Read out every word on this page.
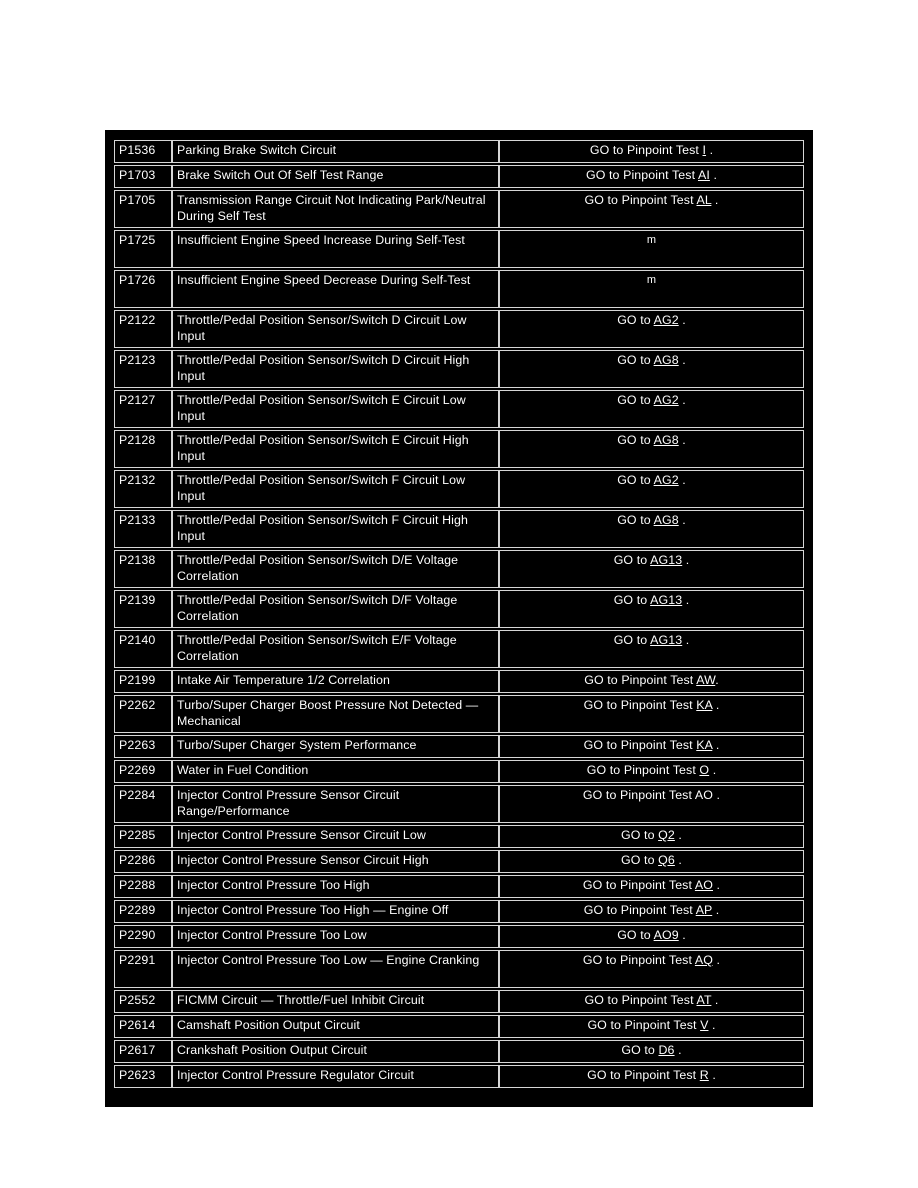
P1536	Parking Brake Switch Circuit	GO to Pinpoint Test I .
P1703	Brake Switch Out Of Self Test Range	GO to Pinpoint Test AI .
P1705	Transmission Range Circuit Not Indicating Park/Neutral During Self Test	GO to Pinpoint Test AL .
P1725	Insufficient Engine Speed Increase During Self-Test	m

P1726	Insufficient Engine Speed Decrease During Self-Test	m

P2122	Throttle/Pedal Position Sensor/Switch D Circuit Low Input	GO to AG2 .
P2123	Throttle/Pedal Position Sensor/Switch D Circuit High Input	GO to AG8 .
P2127	Throttle/Pedal Position Sensor/Switch E Circuit Low Input	GO to AG2 .
P2128	Throttle/Pedal Position Sensor/Switch E Circuit High Input	GO to AG8 .
P2132	Throttle/Pedal Position Sensor/Switch F Circuit Low Input	GO to AG2 .
P2133	Throttle/Pedal Position Sensor/Switch F Circuit High Input	GO to AG8 .
P2138	Throttle/Pedal Position Sensor/Switch D/E Voltage Correlation	GO to AG13 .
P2139	Throttle/Pedal Position Sensor/Switch D/F Voltage Correlation	GO to AG13 .
P2140	Throttle/Pedal Position Sensor/Switch E/F Voltage Correlation	GO to AG13 .
P2199	Intake Air Temperature 1/2 Correlation	GO to Pinpoint Test AW.
P2262	Turbo/Super Charger Boost Pressure Not Detected — Mechanical	GO to Pinpoint Test KA .
P2263	Turbo/Super Charger System Performance	GO to Pinpoint Test KA .
P2269	Water in Fuel Condition	GO to Pinpoint Test O .
P2284	Injector Control Pressure Sensor Circuit Range/Performance	GO to Pinpoint Test AO .
P2285	Injector Control Pressure Sensor Circuit Low	GO to Q2 .
P2286	Injector Control Pressure Sensor Circuit High	GO to Q6 .
P2288	Injector Control Pressure Too High	GO to Pinpoint Test AO .
P2289	Injector Control Pressure Too High — Engine Off	GO to Pinpoint Test AP .
P2290	Injector Control Pressure Too Low	GO to AO9 .
P2291	Injector Control Pressure Too Low — Engine Cranking	GO to Pinpoint Test AQ .
P2552	FICMM Circuit — Throttle/Fuel Inhibit Circuit	GO to Pinpoint Test AT .
P2614	Camshaft Position Output Circuit	GO to Pinpoint Test V .
P2617	Crankshaft Position Output Circuit	GO to D6 .
P2623	Injector Control Pressure Regulator Circuit	GO to Pinpoint Test R .
